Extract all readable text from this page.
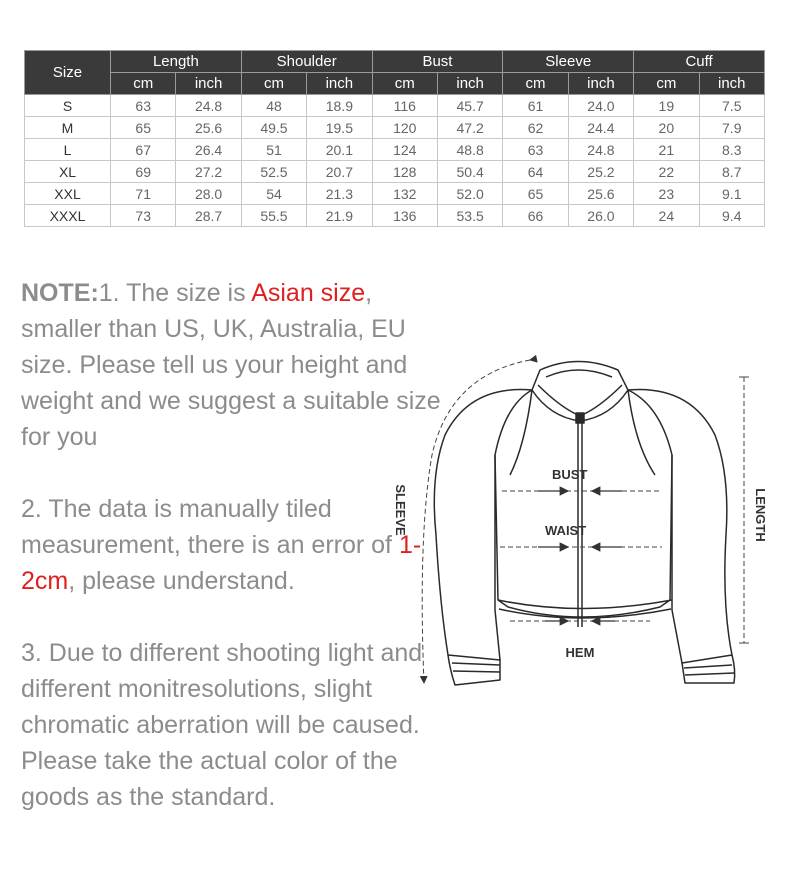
Size	Length		Shoulder		Bust		Sleeve		Cuff	
	cm	inch	cm	inch	cm	inch	cm	inch	cm	inch
S	63	24.8	48	18.9	116	45.7	61	24.0	19	7.5
M	65	25.6	49.5	19.5	120	47.2	62	24.4	20	7.9
L	67	26.4	51	20.1	124	48.8	63	24.8	21	8.3
XL	69	27.2	52.5	20.7	128	50.4	64	25.2	22	8.7
XXL	71	28.0	54	21.3	132	52.0	65	25.6	23	9.1
XXXL	73	28.7	55.5	21.9	136	53.5	66	26.0	24	9.4

NOTE:1. The size is Asian size, smaller than US, UK, Australia, EU size. Please tell us your height and weight and we suggest a suitable size for you

2. The data is manually tiled measurement, there is an error of 1-2cm, please understand.

3. Due to different shooting light and different monitresolutions, slight chromatic aberration will be caused. Please take the actual color of the goods as the standard.

BUST
WAIST
HEM
SLEEVE	LENGTH
